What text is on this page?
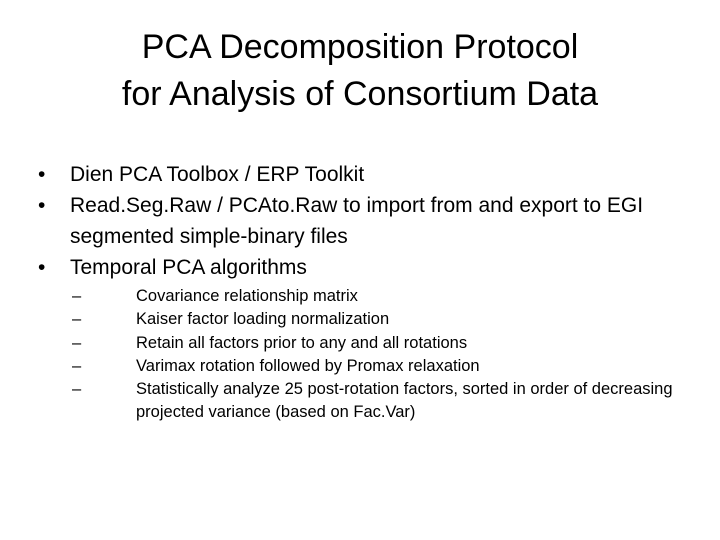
PCA Decomposition Protocol
for Analysis of Consortium Data
•	Dien PCA Toolbox / ERP Toolkit
•	Read.Seg.Raw / PCAto.Raw to import from and export to EGI segmented simple-binary files
•	Temporal PCA algorithms
–	Covariance relationship matrix
–	Kaiser factor loading normalization
–	Retain all factors prior to any and all rotations
–	Varimax rotation followed by Promax relaxation
–	Statistically analyze 25 post-rotation factors, sorted in order of decreasing projected variance (based on Fac.Var)
